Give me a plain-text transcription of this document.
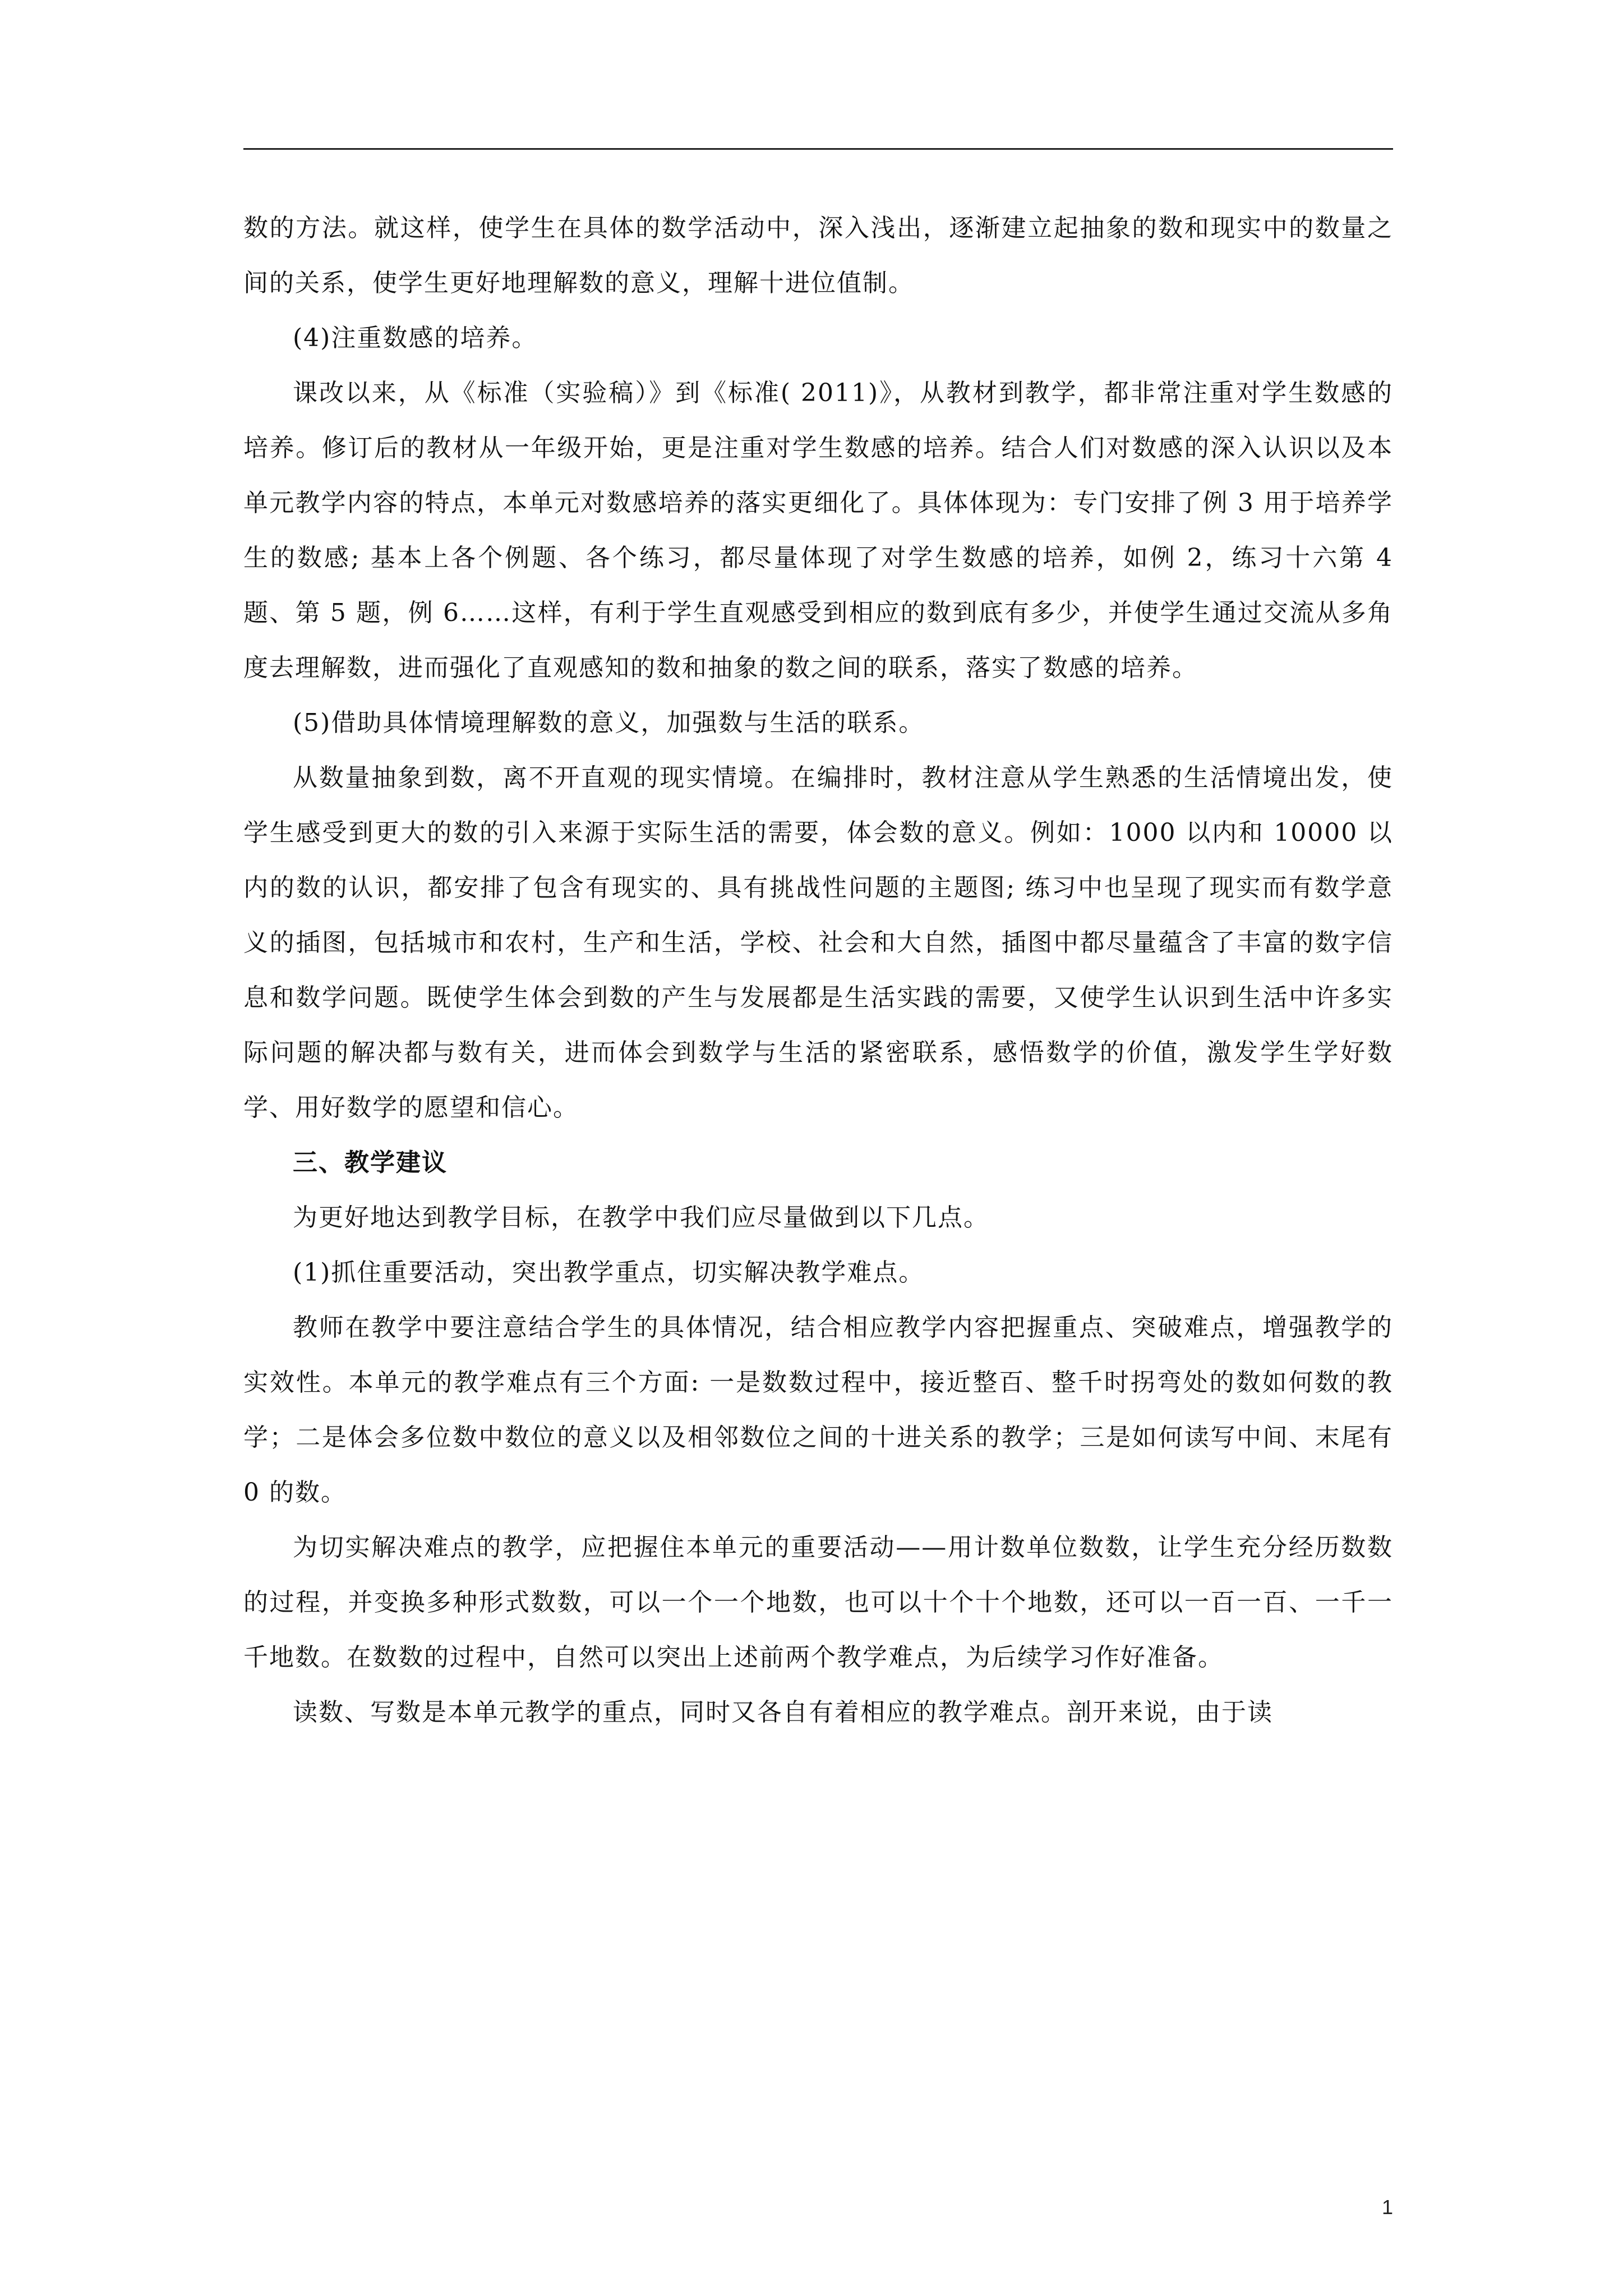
数的方法。就这样，使学生在具体的数学活动中，深入浅出，逐渐建立起抽象的数和现实中的数量之间的关系，使学生更好地理解数的意义，理解十进位值制。

(4)注重数感的培养。

课改以来，从《标准（实验稿）》到《标准( 2011)》，从教材到教学，都非常注重对学生数感的培养。修订后的教材从一年级开始，更是注重对学生数感的培养。结合人们对数感的深入认识以及本单元教学内容的特点，本单元对数感培养的落实更细化了。具体体现为：专门安排了例 3 用于培养学生的数感; 基本上各个例题、各个练习，都尽量体现了对学生数感的培养，如例 2，练习十六第 4 题、第 5 题，例 6……这样，有利于学生直观感受到相应的数到底有多少，并使学生通过交流从多角度去理解数，进而强化了直观感知的数和抽象的数之间的联系，落实了数感的培养。

(5)借助具体情境理解数的意义，加强数与生活的联系。

从数量抽象到数，离不开直观的现实情境。在编排时，教材注意从学生熟悉的生活情境出发，使学生感受到更大的数的引入来源于实际生活的需要，体会数的意义。例如：1000 以内和 10000 以内的数的认识，都安排了包含有现实的、具有挑战性问题的主题图; 练习中也呈现了现实而有数学意义的插图，包括城市和农村，生产和生活，学校、社会和大自然，插图中都尽量蕴含了丰富的数字信息和数学问题。既使学生体会到数的产生与发展都是生活实践的需要，又使学生认识到生活中许多实际问题的解决都与数有关，进而体会到数学与生活的紧密联系，感悟数学的价值，激发学生学好数学、用好数学的愿望和信心。

三、教学建议

为更好地达到教学目标，在教学中我们应尽量做到以下几点。

(1)抓住重要活动，突出教学重点，切实解决教学难点。

教师在教学中要注意结合学生的具体情况，结合相应教学内容把握重点、突破难点，增强教学的实效性。本单元的教学难点有三个方面: 一是数数过程中，接近整百、整千时拐弯处的数如何数的教学；二是体会多位数中数位的意义以及相邻数位之间的十进关系的教学；三是如何读写中间、末尾有 0 的数。

为切实解决难点的教学，应把握住本单元的重要活动——用计数单位数数，让学生充分经历数数的过程，并变换多种形式数数，可以一个一个地数，也可以十个十个地数，还可以一百一百、一千一千地数。在数数的过程中，自然可以突出上述前两个教学难点，为后续学习作好准备。

读数、写数是本单元教学的重点，同时又各自有着相应的教学难点。剖开来说，由于读

1
